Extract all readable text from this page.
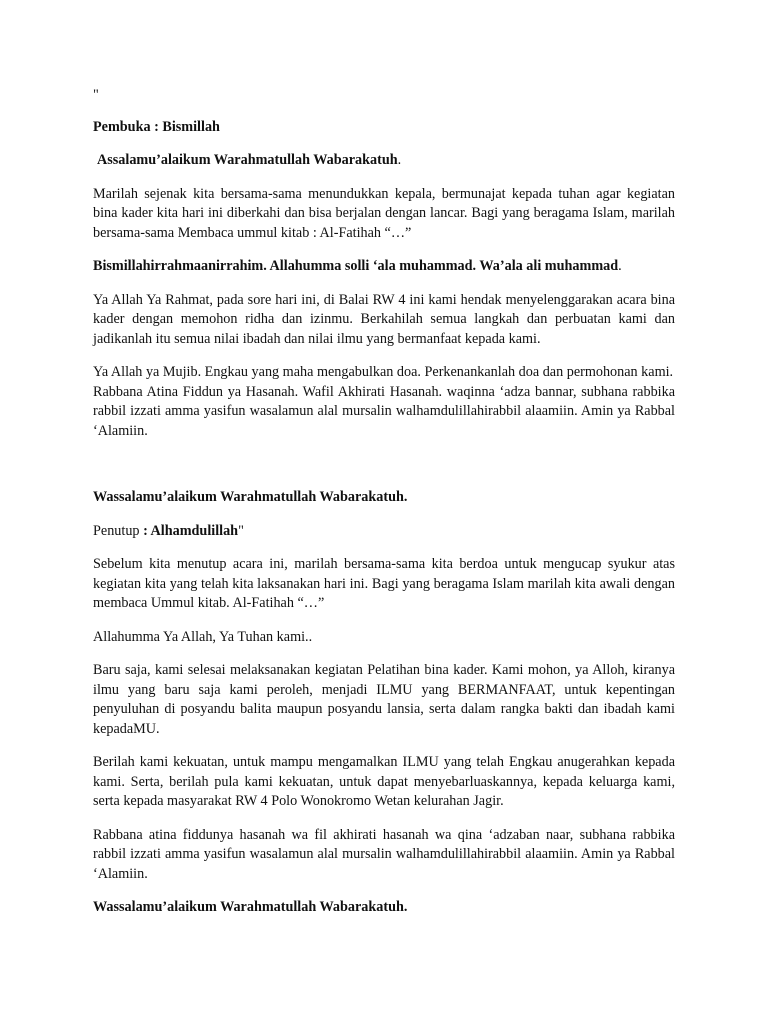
"
Pembuka : Bismillah
Assalamu’alaikum Warahmatullah Wabarakatuh.
Marilah sejenak kita bersama-sama menundukkan kepala, bermunajat kepada tuhan agar kegiatan bina kader kita hari ini diberkahi dan bisa berjalan dengan lancar. Bagi yang beragama Islam, marilah bersama-sama Membaca ummul kitab : Al-Fatihah “…”
Bismillahirrahmaanirrahim. Allahumma solli ‘ala muhammad. Wa’ala ali muhammad.
Ya Allah Ya Rahmat, pada sore hari ini, di Balai RW 4 ini kami hendak menyelenggarakan acara bina kader dengan memohon ridha dan izinmu. Berkahilah semua langkah dan perbuatan kami dan jadikanlah itu semua nilai ibadah dan nilai ilmu yang bermanfaat kepada kami.
Ya Allah ya Mujib. Engkau yang maha mengabulkan doa. Perkenankanlah doa dan permohonan kami.
Rabbana Atina Fiddun ya Hasanah. Wafil Akhirati Hasanah. waqinna ‘adza bannar, subhana rabbika rabbil izzati amma yasifun wasalamun alal mursalin walhamdulillahirabbil alaamiin. Amin ya Rabbal ‘Alamiin.
Wassalamu’alaikum Warahmatullah Wabarakatuh.
Penutup : Alhamdulillah"
Sebelum kita menutup acara ini, marilah bersama-sama kita berdoa untuk mengucap syukur atas kegiatan kita yang telah kita laksanakan hari ini. Bagi yang beragama Islam marilah kita awali dengan membaca Ummul kitab. Al-Fatihah “…”
Allahumma Ya Allah, Ya Tuhan kami..
Baru saja, kami selesai melaksanakan kegiatan Pelatihan bina kader. Kami mohon, ya Alloh, kiranya ilmu yang baru saja kami peroleh, menjadi ILMU yang BERMANFAAT, untuk kepentingan penyuluhan di posyandu balita maupun posyandu lansia, serta dalam rangka bakti dan ibadah kami kepadaMU.
Berilah kami kekuatan, untuk mampu mengamalkan ILMU yang telah Engkau anugerahkan kepada kami. Serta, berilah pula kami kekuatan, untuk dapat menyebarluaskannya, kepada keluarga kami, serta kepada masyarakat RW 4 Polo Wonokromo Wetan kelurahan Jagir.
Rabbana atina fiddunya hasanah wa fil akhirati hasanah wa qina ‘adzaban naar, subhana rabbika rabbil izzati amma yasifun wasalamun alal mursalin walhamdulillahirabbil alaamiin. Amin ya Rabbal ‘Alamiin.
Wassalamu’alaikum Warahmatullah Wabarakatuh.
